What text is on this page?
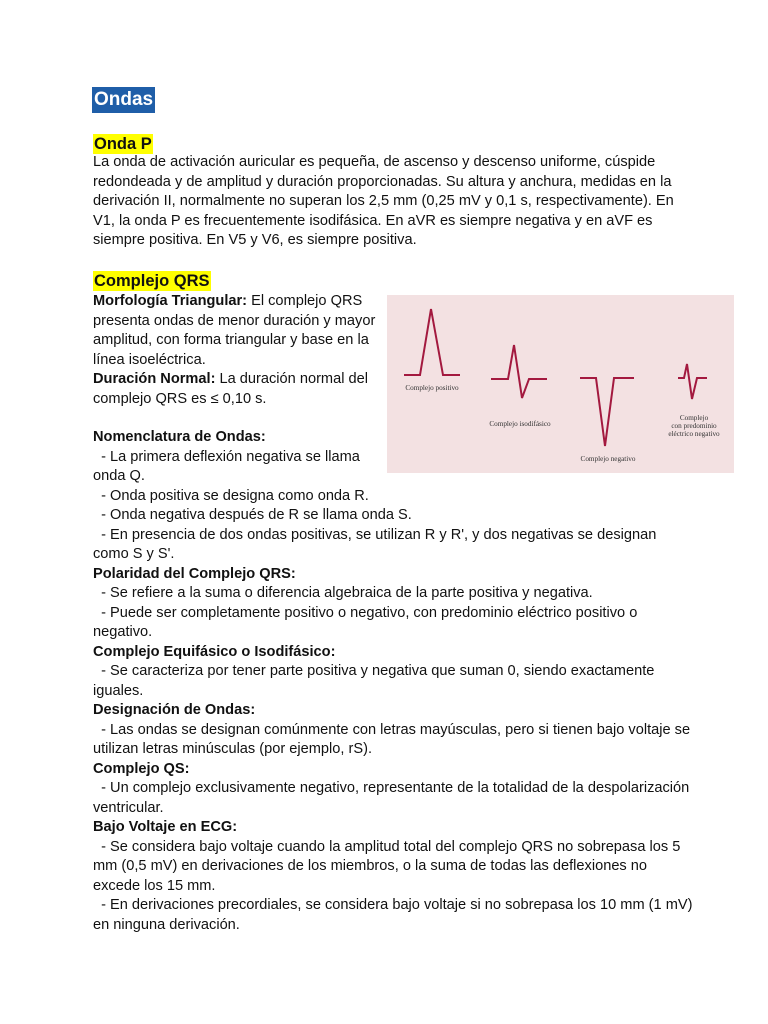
Ondas
Onda P

La onda de activación auricular es pequeña, de ascenso y descenso uniforme, cúspide redondeada y de amplitud y duración proporcionadas. Su altura y anchura, medidas en la derivación II, normalmente no superan los 2,5 mm (0,25 mV y 0,1 s, respectivamente). En V1, la onda P es frecuentemente isodifásica. En aVR es siempre negativa y en aVF es siempre positiva. En V5 y V6, es siempre positiva.

Complejo QRS

Morfología Triangular: El complejo QRS presenta ondas de menor duración y mayor amplitud, con forma triangular y base en la línea isoeléctrica.

Duración Normal: La duración normal del complejo QRS es ≤ 0,10 s.

Nomenclatura de Ondas:

- La primera deflexión negativa se llama onda Q.

- Onda positiva se designa como onda R.

- Onda negativa después de R se llama onda S.

- En presencia de dos ondas positivas, se utilizan R y R', y dos negativas se designan como S y S'.

Polaridad del Complejo QRS:

- Se refiere a la suma o diferencia algebraica de la parte positiva y negativa.

- Puede ser completamente positivo o negativo, con predominio eléctrico positivo o negativo.

Complejo Equifásico o Isodifásico:

- Se caracteriza por tener parte positiva y negativa que suman 0, siendo exactamente iguales.

Designación de Ondas:

- Las ondas se designan comúnmente con letras mayúsculas, pero si tienen bajo voltaje se utilizan letras minúsculas (por ejemplo, rS).

Complejo QS:

- Un complejo exclusivamente negativo, representante de la totalidad de la despolarización ventricular.

Bajo Voltaje en ECG:

- Se considera bajo voltaje cuando la amplitud total del complejo QRS no sobrepasa los 5 mm (0,5 mV) en derivaciones de los miembros, o la suma de todas las deflexiones no excede los 15 mm.

- En derivaciones precordiales, se considera bajo voltaje si no sobrepasa los 10 mm (1 mV) en ninguna derivación.

Complejo positivo
Complejo isodifásico
Complejo negativo
Complejo
con predominio
eléctrico negativo
